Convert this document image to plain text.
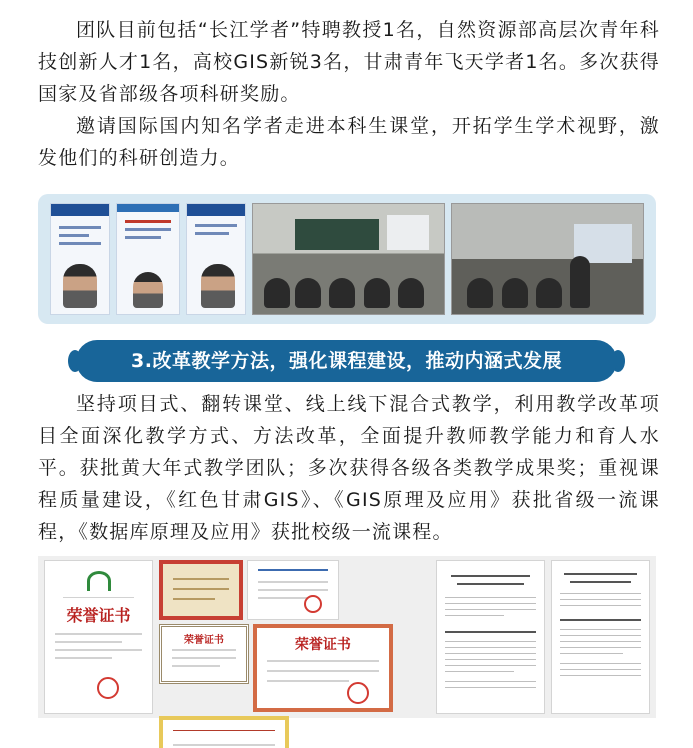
团队目前包括“长江学者”特聘教授1名，自然资源部高层次青年科技创新人才1名，高校GIS新锐3名，甘肃青年飞天学者1名。多次获得国家及省部级各项科研奖励。

邀请国际国内知名学者走进本科生课堂，开拓学生学术视野，激发他们的科研创造力。

3.改革教学方法，强化课程建设，推动内涵式发展

坚持项目式、翻转课堂、线上线下混合式教学，利用教学改革项目全面深化教学方式、方法改革，全面提升教师教学能力和育人水平。获批黄大年式教学团队；多次获得各级各类教学成果奖；重视课程质量建设，《红色甘肃GIS》、《GIS原理及应用》获批省级一流课程，《数据库原理及应用》获批校级一流课程。

荣誉证书
荣誉证书	荣誉证书
